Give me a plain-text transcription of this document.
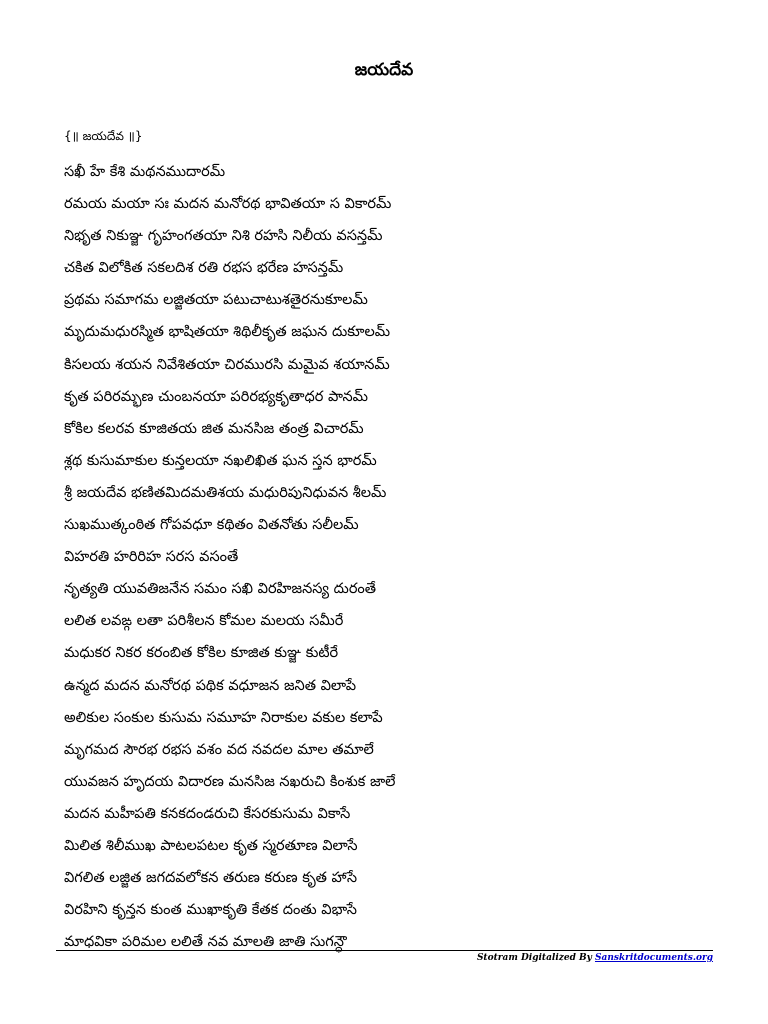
జయదేవ
{॥ జయదేవ ॥}
సఖీ హే కేశి మథనముదారమ్
రమయ మయా సః మదన మనోరథ భావితయా స వికారమ్
నిభృత నికుఞ్జ గృహంగతయా నిశి రహసి నిలీయ వసన్తమ్
చకిత విలోకిత సకలదిశ రతి రభస భరేణ హసన్తమ్
ప్రథమ సమాగమ లజ్జితయా పటుచాటుశతైరనుకూలమ్
మృదుమధురస్మిత భాషితయా శిథిలీకృత జఘన దుకూలమ్
కిసలయ శయన నివేశితయా చిరమురసి మమైవ శయానమ్
కృత పరిరమ్భణ చుంబనయా పరిరభ్యకృతాధర పానమ్
కోకిల కలరవ కూజితయ జిత మనసిజ తంత్ర విచారమ్
శ్లథ కుసుమాకుల కున్తలయా నఖలిఖిత ఘన స్తన భారమ్
శ్రీ జయదేవ భణితమిదమతిశయ మధురిపునిధువన శీలమ్
సుఖముత్కంఠిత గోపవధూ కథితం వితనోతు సలీలమ్
విహరతి హరిరిహ సరస వసంతే
నృత్యతి యువతిజనేన సమం సఖి విరహిజనస్య దురంతే
లలిత లవఙ్గ లతా పరిశీలన కోమల మలయ సమీరే
మధుకర నికర కరంబిత కోకిల కూజిత కుఞ్జ కుటీరే
ఉన్మద మదన మనోరథ పథిక వధూజన జనిత విలాపే
అలికుల సంకుల కుసుమ సమూహ నిరాకుల వకుల కలాపే
మృగమద సౌరభ రభస వశం వద నవదల మాల తమాలే
యువజన హృదయ విదారణ మనసిజ నఖరుచి కింశుక జాలే
మదన మహీపతి కనకదండరుచి కేసరకుసుమ వికాసే
మిలిత శిలీముఖ పాటలపటల కృత స్మరతూణ విలాసే
విగలిత లజ్జిత జగదవలోకన తరుణ కరుణ కృత హాసే
విరహిని కృన్తన కుంత ముఖాకృతి కేతక దంతు విభాసే
మాధవికా పరిమల లలితే నవ మాలతి జాతి సుగన్ధౌ
Stotram Digitalized By Sanskritdocuments.org
